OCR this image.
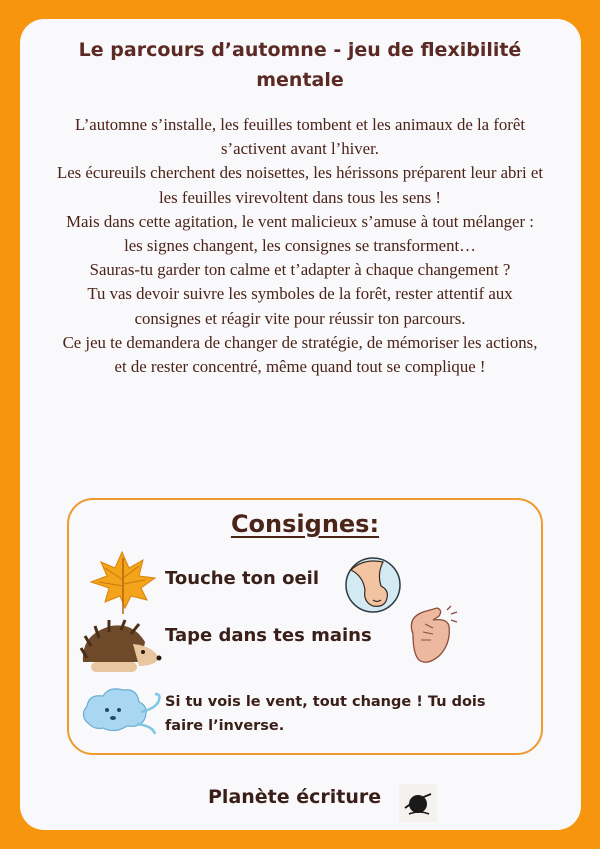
Le parcours d’automne - jeu de flexibilité mentale

L’automne s’installe, les feuilles tombent et les animaux de la forêt s’activent avant l’hiver.

Les écureuils cherchent des noisettes, les hérissons préparent leur abri et les feuilles virevoltent dans tous les sens !

Mais dans cette agitation, le vent malicieux s’amuse à tout mélanger : les signes changent, les consignes se transforment…

Sauras-tu garder ton calme et t’adapter à chaque changement ?

Tu vas devoir suivre les symboles de la forêt, rester attentif aux consignes et réagir vite pour réussir ton parcours.

Ce jeu te demandera de changer de stratégie, de mémoriser les actions, et de rester concentré, même quand tout se complique !

Consignes:
Touche ton oeil
Tape dans tes mains
Si tu vois le vent, tout change ! Tu dois faire l’inverse.
Planète écriture
